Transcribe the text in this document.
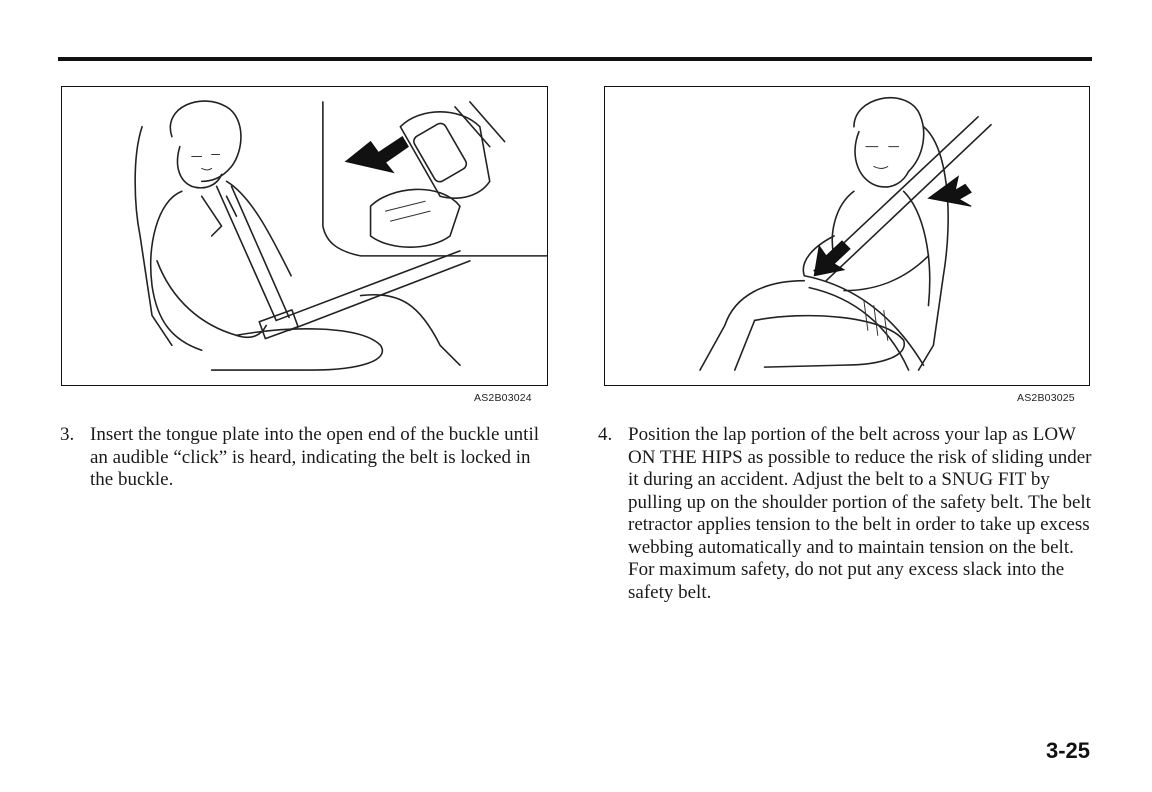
AS2B03024	AS2B03025
3. Insert the tongue plate into the open end of the buckle until an audible “click” is heard, indicating the belt is locked in the buckle.
4. Position the lap portion of the belt across your lap as LOW ON THE HIPS as possible to reduce the risk of sliding under it during an accident. Adjust the belt to a SNUG FIT by pulling up on the shoulder portion of the safety belt. The belt retractor applies tension to the belt in order to take up excess webbing automatically and to maintain tension on the belt. For maximum safety, do not put any excess slack into the safety belt.
3-25
